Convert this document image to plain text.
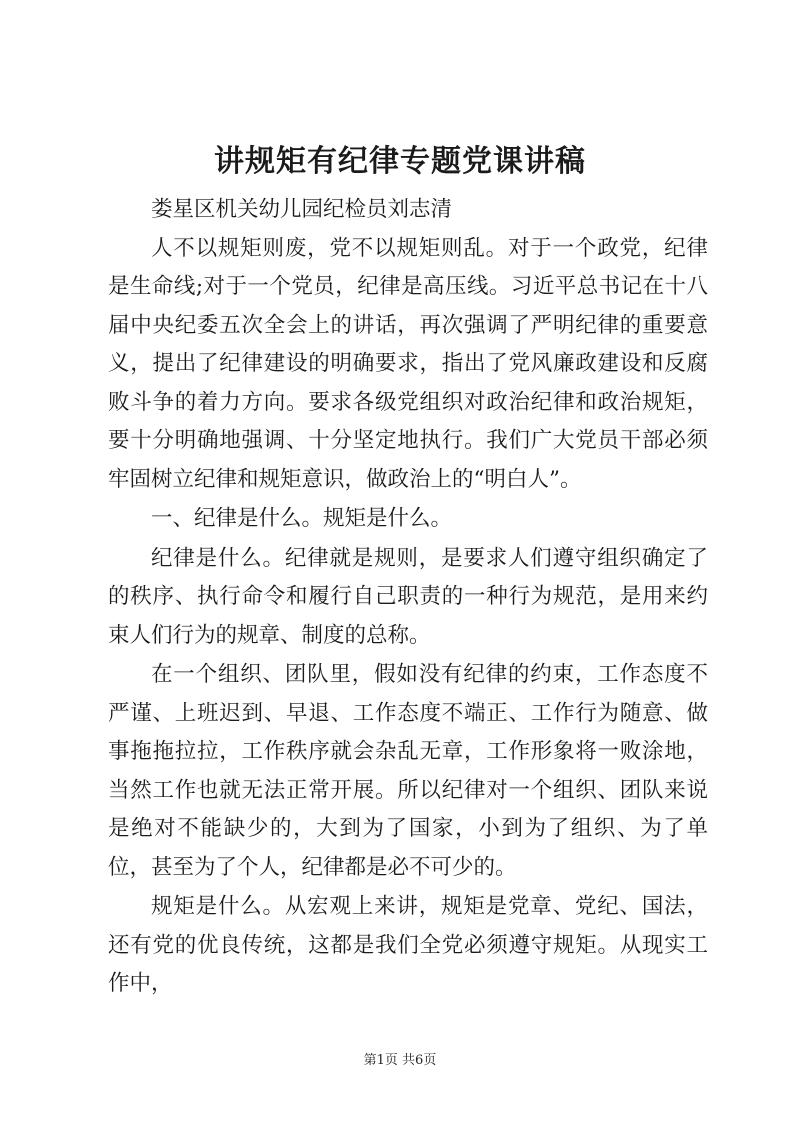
讲规矩有纪律专题党课讲稿

娄星区机关幼儿园纪检员刘志清

人不以规矩则废，党不以规矩则乱。对于一个政党，纪律是生命线;对于一个党员，纪律是高压线。习近平总书记在十八届中央纪委五次全会上的讲话，再次强调了严明纪律的重要意义，提出了纪律建设的明确要求，指出了党风廉政建设和反腐败斗争的着力方向。要求各级党组织对政治纪律和政治规矩，要十分明确地强调、十分坚定地执行。我们广大党员干部必须牢固树立纪律和规矩意识，做政治上的“明白人”。

一、纪律是什么。规矩是什么。

纪律是什么。纪律就是规则，是要求人们遵守组织确定了的秩序、执行命令和履行自己职责的一种行为规范，是用来约束人们行为的规章、制度的总称。

在一个组织、团队里，假如没有纪律的约束，工作态度不严谨、上班迟到、早退、工作态度不端正、工作行为随意、做事拖拖拉拉，工作秩序就会杂乱无章，工作形象将一败涂地，当然工作也就无法正常开展。所以纪律对一个组织、团队来说是绝对不能缺少的，大到为了国家，小到为了组织、为了单位，甚至为了个人，纪律都是必不可少的。

规矩是什么。从宏观上来讲，规矩是党章、党纪、国法，还有党的优良传统，这都是我们全党必须遵守规矩。从现实工作中，

第1页 共6页
